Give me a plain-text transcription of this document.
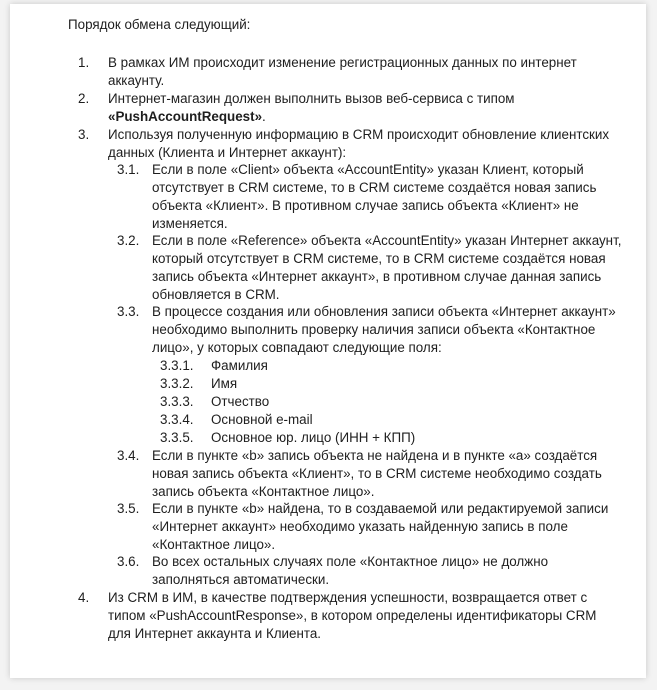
Порядок обмена следующий:
1. В рамках ИМ происходит изменение регистрационных данных по интернет аккаунту.
2. Интернет-магазин должен выполнить вызов веб-сервиса с типом
«PushAccountRequest».
3. Используя полученную информацию в CRM происходит обновление клиентских данных (Клиента и Интернет аккаунт):
3.1. Если в поле «Client» объекта «AccountEntity» указан Клиент, который отсутствует в CRM системе, то в CRM системе создаётся новая запись объекта «Клиент». В противном случае запись объекта «Клиент» не изменяется.
3.2. Если в поле «Reference» объекта «AccountEntity» указан Интернет аккаунт, который отсутствует в CRM системе, то в CRM системе создаётся новая запись объекта «Интернет аккаунт», в противном случае данная запись обновляется в CRM.
3.3. В процессе создания или обновления записи объекта «Интернет аккаунт» необходимо выполнить проверку наличия записи объекта «Контактное лицо», у которых совпадают следующие поля:
3.3.1. Фамилия
3.3.2. Имя
3.3.3. Отчество
3.3.4. Основной e-mail
3.3.5. Основное юр. лицо (ИНН + КПП)
3.4. Если в пункте «b» запись объекта не найдена и в пункте «a» создаётся новая запись объекта «Клиент», то в CRM системе необходимо создать запись объекта «Контактное лицо».
3.5. Если в пункте «b» найдена, то в создаваемой или редактируемой записи «Интернет аккаунт» необходимо указать найденную запись в поле «Контактное лицо».
3.6. Во всех остальных случаях поле «Контактное лицо» не должно заполняться автоматически.
4. Из CRM в ИМ, в качестве подтверждения успешности, возвращается ответ с типом «PushAccountResponse», в котором определены идентификаторы CRM для Интернет аккаунта и Клиента.
